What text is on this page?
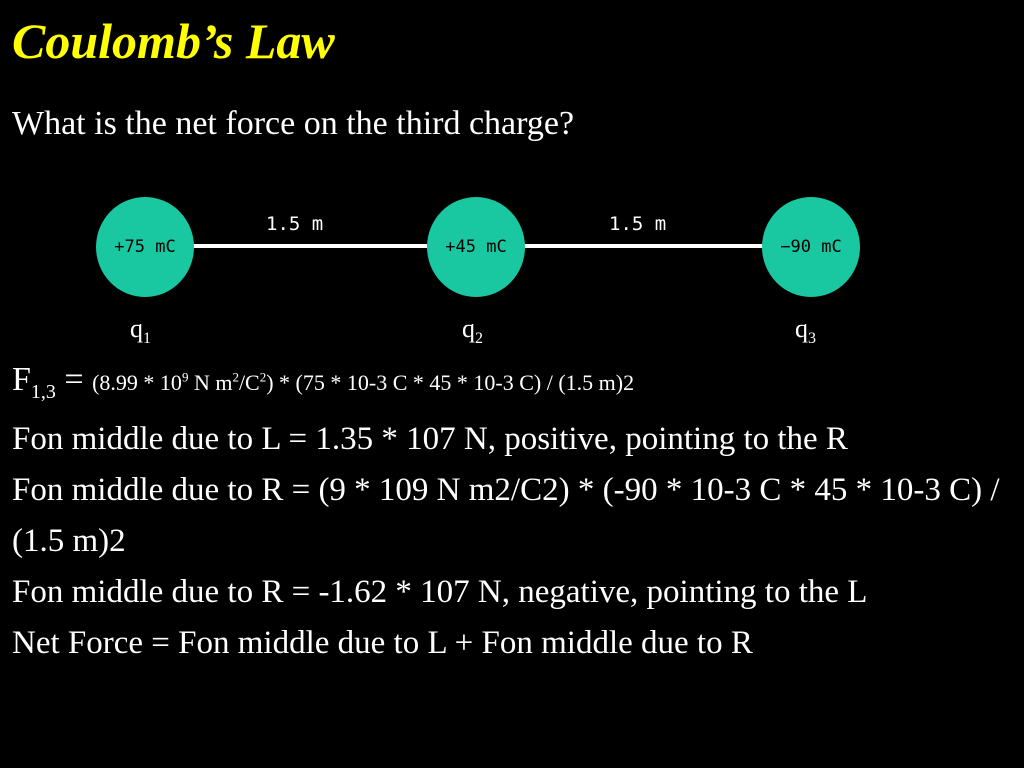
Coulomb’s Law
What is the net force on the third charge?
1.5 m	1.5 m
+75 mC	+45 mC	−90 mC
$q_1$	$q_2$	$q_3$
$F_{1,3} = (8.99 * 10^9$ N $m^2/C^2) * (75 * 10-3$ C * 45 * 10-3 C) / (1.5 m)2

Fon middle due to L = 1.35 * 107 N, positive, pointing to the R

Fon middle due to R = (9 * 109 N m2/C2) * (-90 * 10-3 C * 45 * 10-3 C) / (1.5 m)2

Fon middle due to R = -1.62 * 107 N, negative, pointing to the L

Net Force = Fon middle due to L + Fon middle due to R
